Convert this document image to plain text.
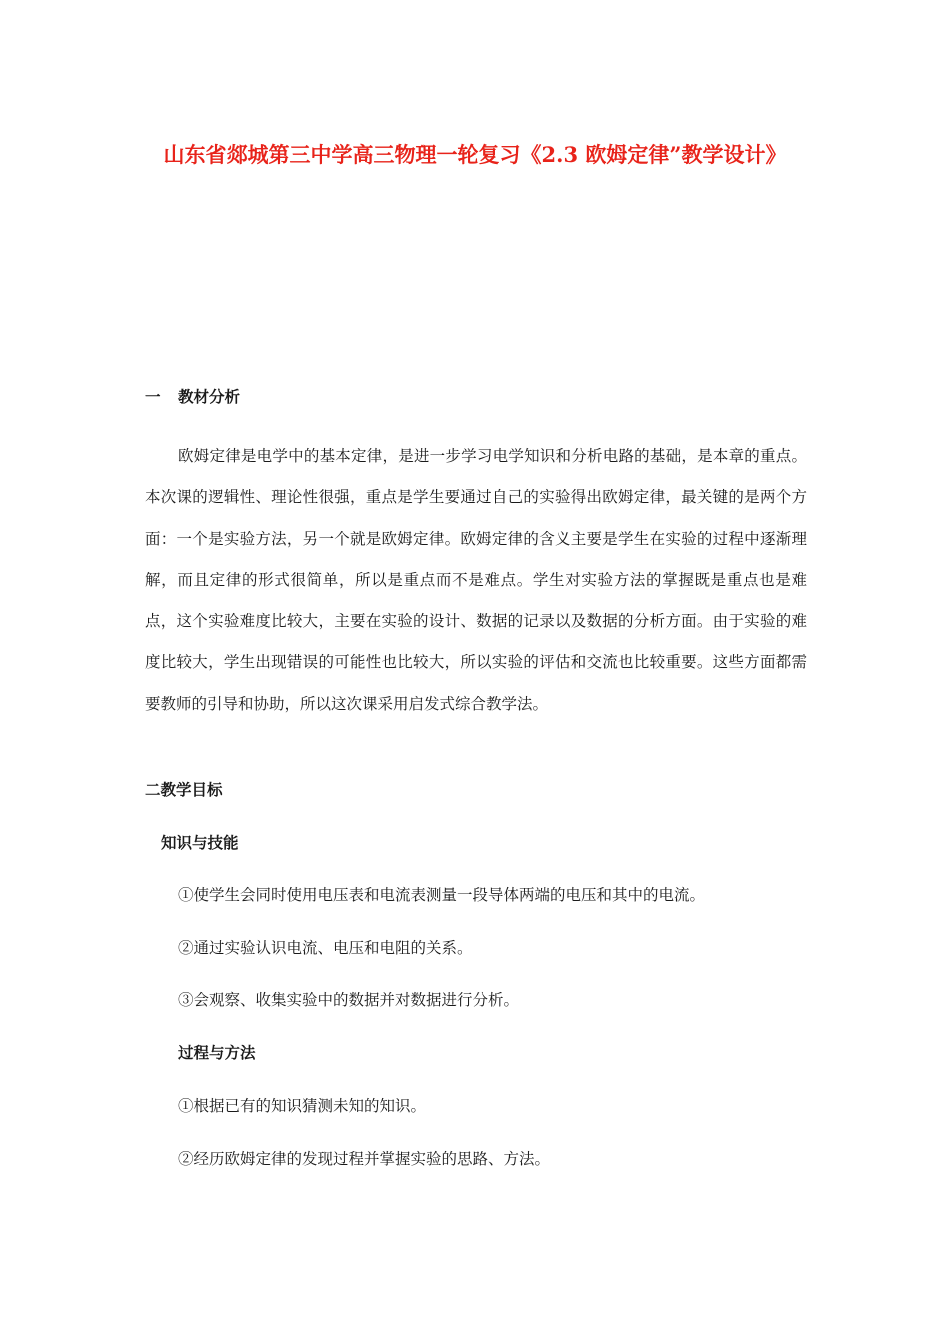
山东省郯城第三中学高三物理一轮复习《2.3 欧姆定律”教学设计》
一 教材分析

欧姆定律是电学中的基本定律，是进一步学习电学知识和分析电路的基础，是本章的重点。本次课的逻辑性、理论性很强，重点是学生要通过自己的实验得出欧姆定律，最关键的是两个方面：一个是实验方法，另一个就是欧姆定律。欧姆定律的含义主要是学生在实验的过程中逐渐理解，而且定律的形式很简单，所以是重点而不是难点。学生对实验方法的掌握既是重点也是难点，这个实验难度比较大，主要在实验的设计、数据的记录以及数据的分析方面。由于实验的难度比较大，学生出现错误的可能性也比较大，所以实验的评估和交流也比较重要。这些方面都需要教师的引导和协助，所以这次课采用启发式综合教学法。

二教学目标
知识与技能
①使学生会同时使用电压表和电流表测量一段导体两端的电压和其中的电流。
②通过实验认识电流、电压和电阻的关系。
③会观察、收集实验中的数据并对数据进行分析。
过程与方法
①根据已有的知识猜测未知的知识。
②经历欧姆定律的发现过程并掌握实验的思路、方法。
